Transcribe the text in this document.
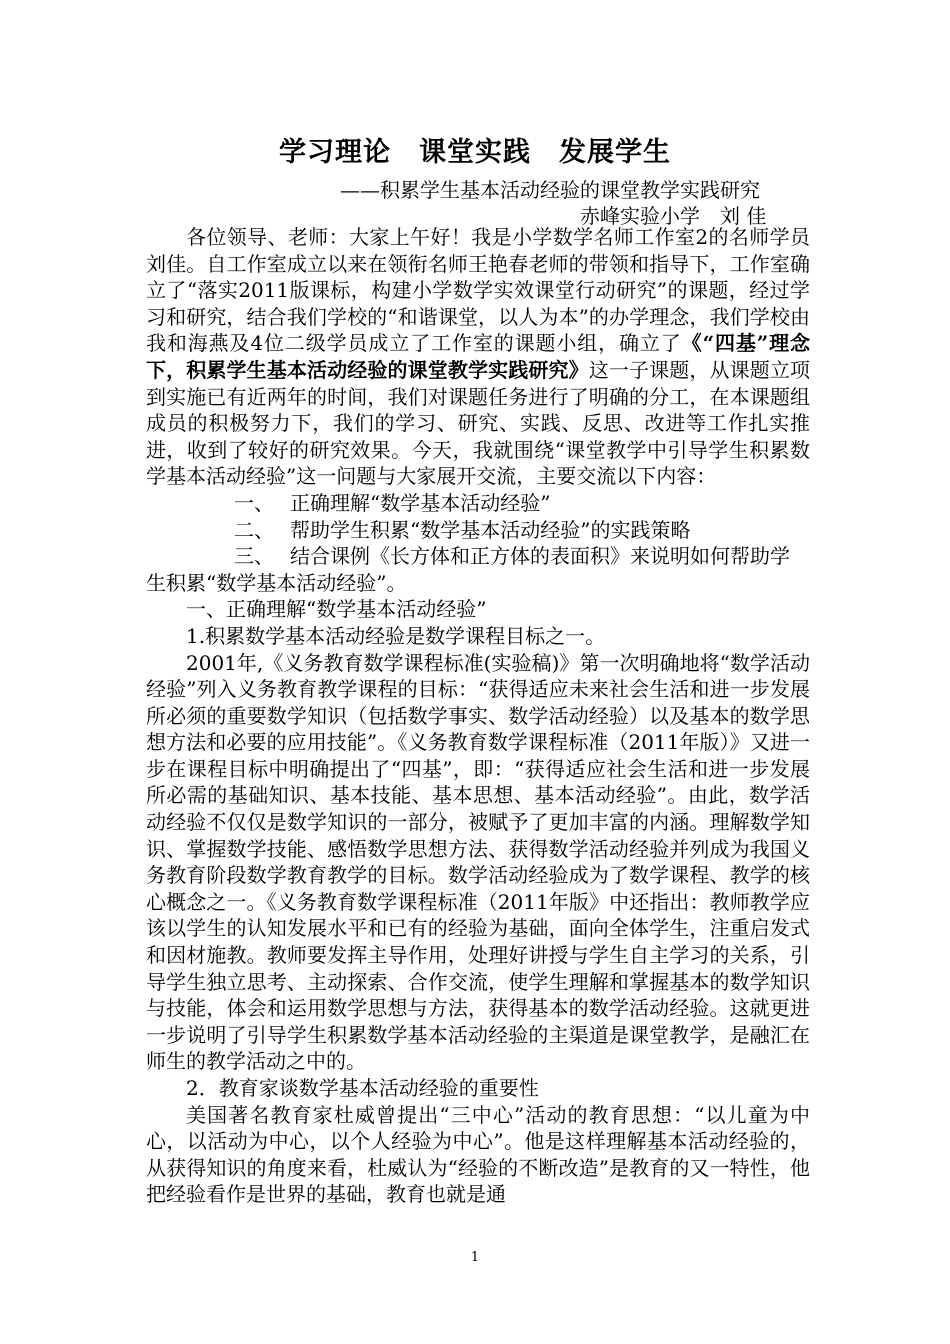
学习理论　课堂实践　发展学生
——积累学生基本活动经验的课堂教学实践研究
赤峰实验小学　刘 佳

各位领导、老师：大家上午好！我是小学数学名师工作室2的名师学员刘佳。自工作室成立以来在领衔名师王艳春老师的带领和指导下，工作室确立了“落实2011版课标，构建小学数学实效课堂行动研究”的课题，经过学习和研究，结合我们学校的“和谐课堂，以人为本”的办学理念，我们学校由我和海燕及4位二级学员成立了工作室的课题小组，确立了《“四基”理念下，积累学生基本活动经验的课堂教学实践研究》这一子课题，从课题立项到实施已有近两年的时间，我们对课题任务进行了明确的分工，在本课题组成员的积极努力下，我们的学习、研究、实践、反思、改进等工作扎实推进，收到了较好的研究效果。今天，我就围绕“课堂教学中引导学生积累数学基本活动经验”这一问题与大家展开交流，主要交流以下内容：

一、 正确理解“数学基本活动经验”
二、 帮助学生积累“数学基本活动经验”的实践策略
三、 结合课例《长方体和正方体的表面积》来说明如何帮助学

生积累“数学基本活动经验”。

一、正确理解“数学基本活动经验”

1.积累数学基本活动经验是数学课程目标之一。

2001年,《义务教育数学课程标准(实验稿)》第一次明确地将“数学活动经验”列入义务教育教学课程的目标：“获得适应未来社会生活和进一步发展所必须的重要数学知识（包括数学事实、数学活动经验）以及基本的数学思想方法和必要的应用技能”。《义务教育数学课程标准（2011年版）》又进一步在课程目标中明确提出了“四基”，即：“获得适应社会生活和进一步发展所必需的基础知识、基本技能、基本思想、基本活动经验”。由此，数学活动经验不仅仅是数学知识的一部分，被赋予了更加丰富的内涵。理解数学知识、掌握数学技能、感悟数学思想方法、获得数学活动经验并列成为我国义务教育阶段数学教育教学的目标。数学活动经验成为了数学课程、教学的核心概念之一。《义务教育数学课程标准（2011年版》中还指出：教师教学应该以学生的认知发展水平和已有的经验为基础，面向全体学生，注重启发式和因材施教。教师要发挥主导作用，处理好讲授与学生自主学习的关系，引导学生独立思考、主动探索、合作交流，使学生理解和掌握基本的数学知识与技能，体会和运用数学思想与方法，获得基本的数学活动经验。这就更进一步说明了引导学生积累数学基本活动经验的主渠道是课堂教学，是融汇在师生的教学活动之中的。

2．教育家谈数学基本活动经验的重要性

美国著名教育家杜威曾提出“三中心”活动的教育思想：“以儿童为中心，以活动为中心，以个人经验为中心”。他是这样理解基本活动经验的，从获得知识的角度来看，杜威认为“经验的不断改造”是教育的又一特性，他把经验看作是世界的基础，教育也就是通

1
